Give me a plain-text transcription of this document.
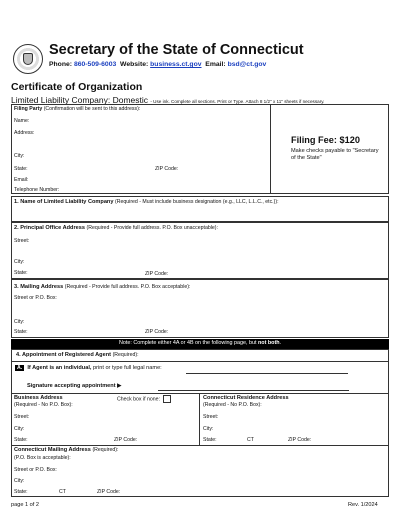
Secretary of the State of Connecticut
Phone: 860-509-6003 Website: business.ct.gov Email: bsd@ct.gov
Certificate of Organization
Limited Liability Company: Domestic - Use ink. Complete all sections. Print or Type. Attach 8 1/2" x 11" sheets if necessary.
Filing Party (Confirmation will be sent to this address):
Name:
Address:
City:
State:	ZIP Code:
Email:
Telephone Number:
Filing Fee: $120
Make checks payable to "Secretary of the State"
1. Name of Limited Liability Company (Required - Must include business designation (e.g., LLC, L.L.C., etc.)):
2. Principal Office Address (Required - Provide full address. P.O. Box unacceptable):
Street:
City:
State:	ZIP Code:
3. Mailing Address (Required - Provide full address. P.O. Box acceptable):
Street or P.O. Box:
City:
State:	ZIP Code:
Note: Complete either 4A or 4B on the following page, but not both.
4. Appointment of Registered Agent (Required):
A. If Agent is an individual, print or type full legal name:
Signature accepting appointment ▶
Business Address
(Required - No P.O. Box):
Check box if none:
Street:
City:
State:	ZIP Code:
Connecticut Residence Address
(Required - No P.O. Box):
Street:
City:
State:	CT	ZIP Code:
Connecticut Mailing Address (Required):
(P.O. Box is acceptable):
Street or P.O. Box:
City:
State:	CT	ZIP Code:
page 1 of 2	Rev. 1/2024
